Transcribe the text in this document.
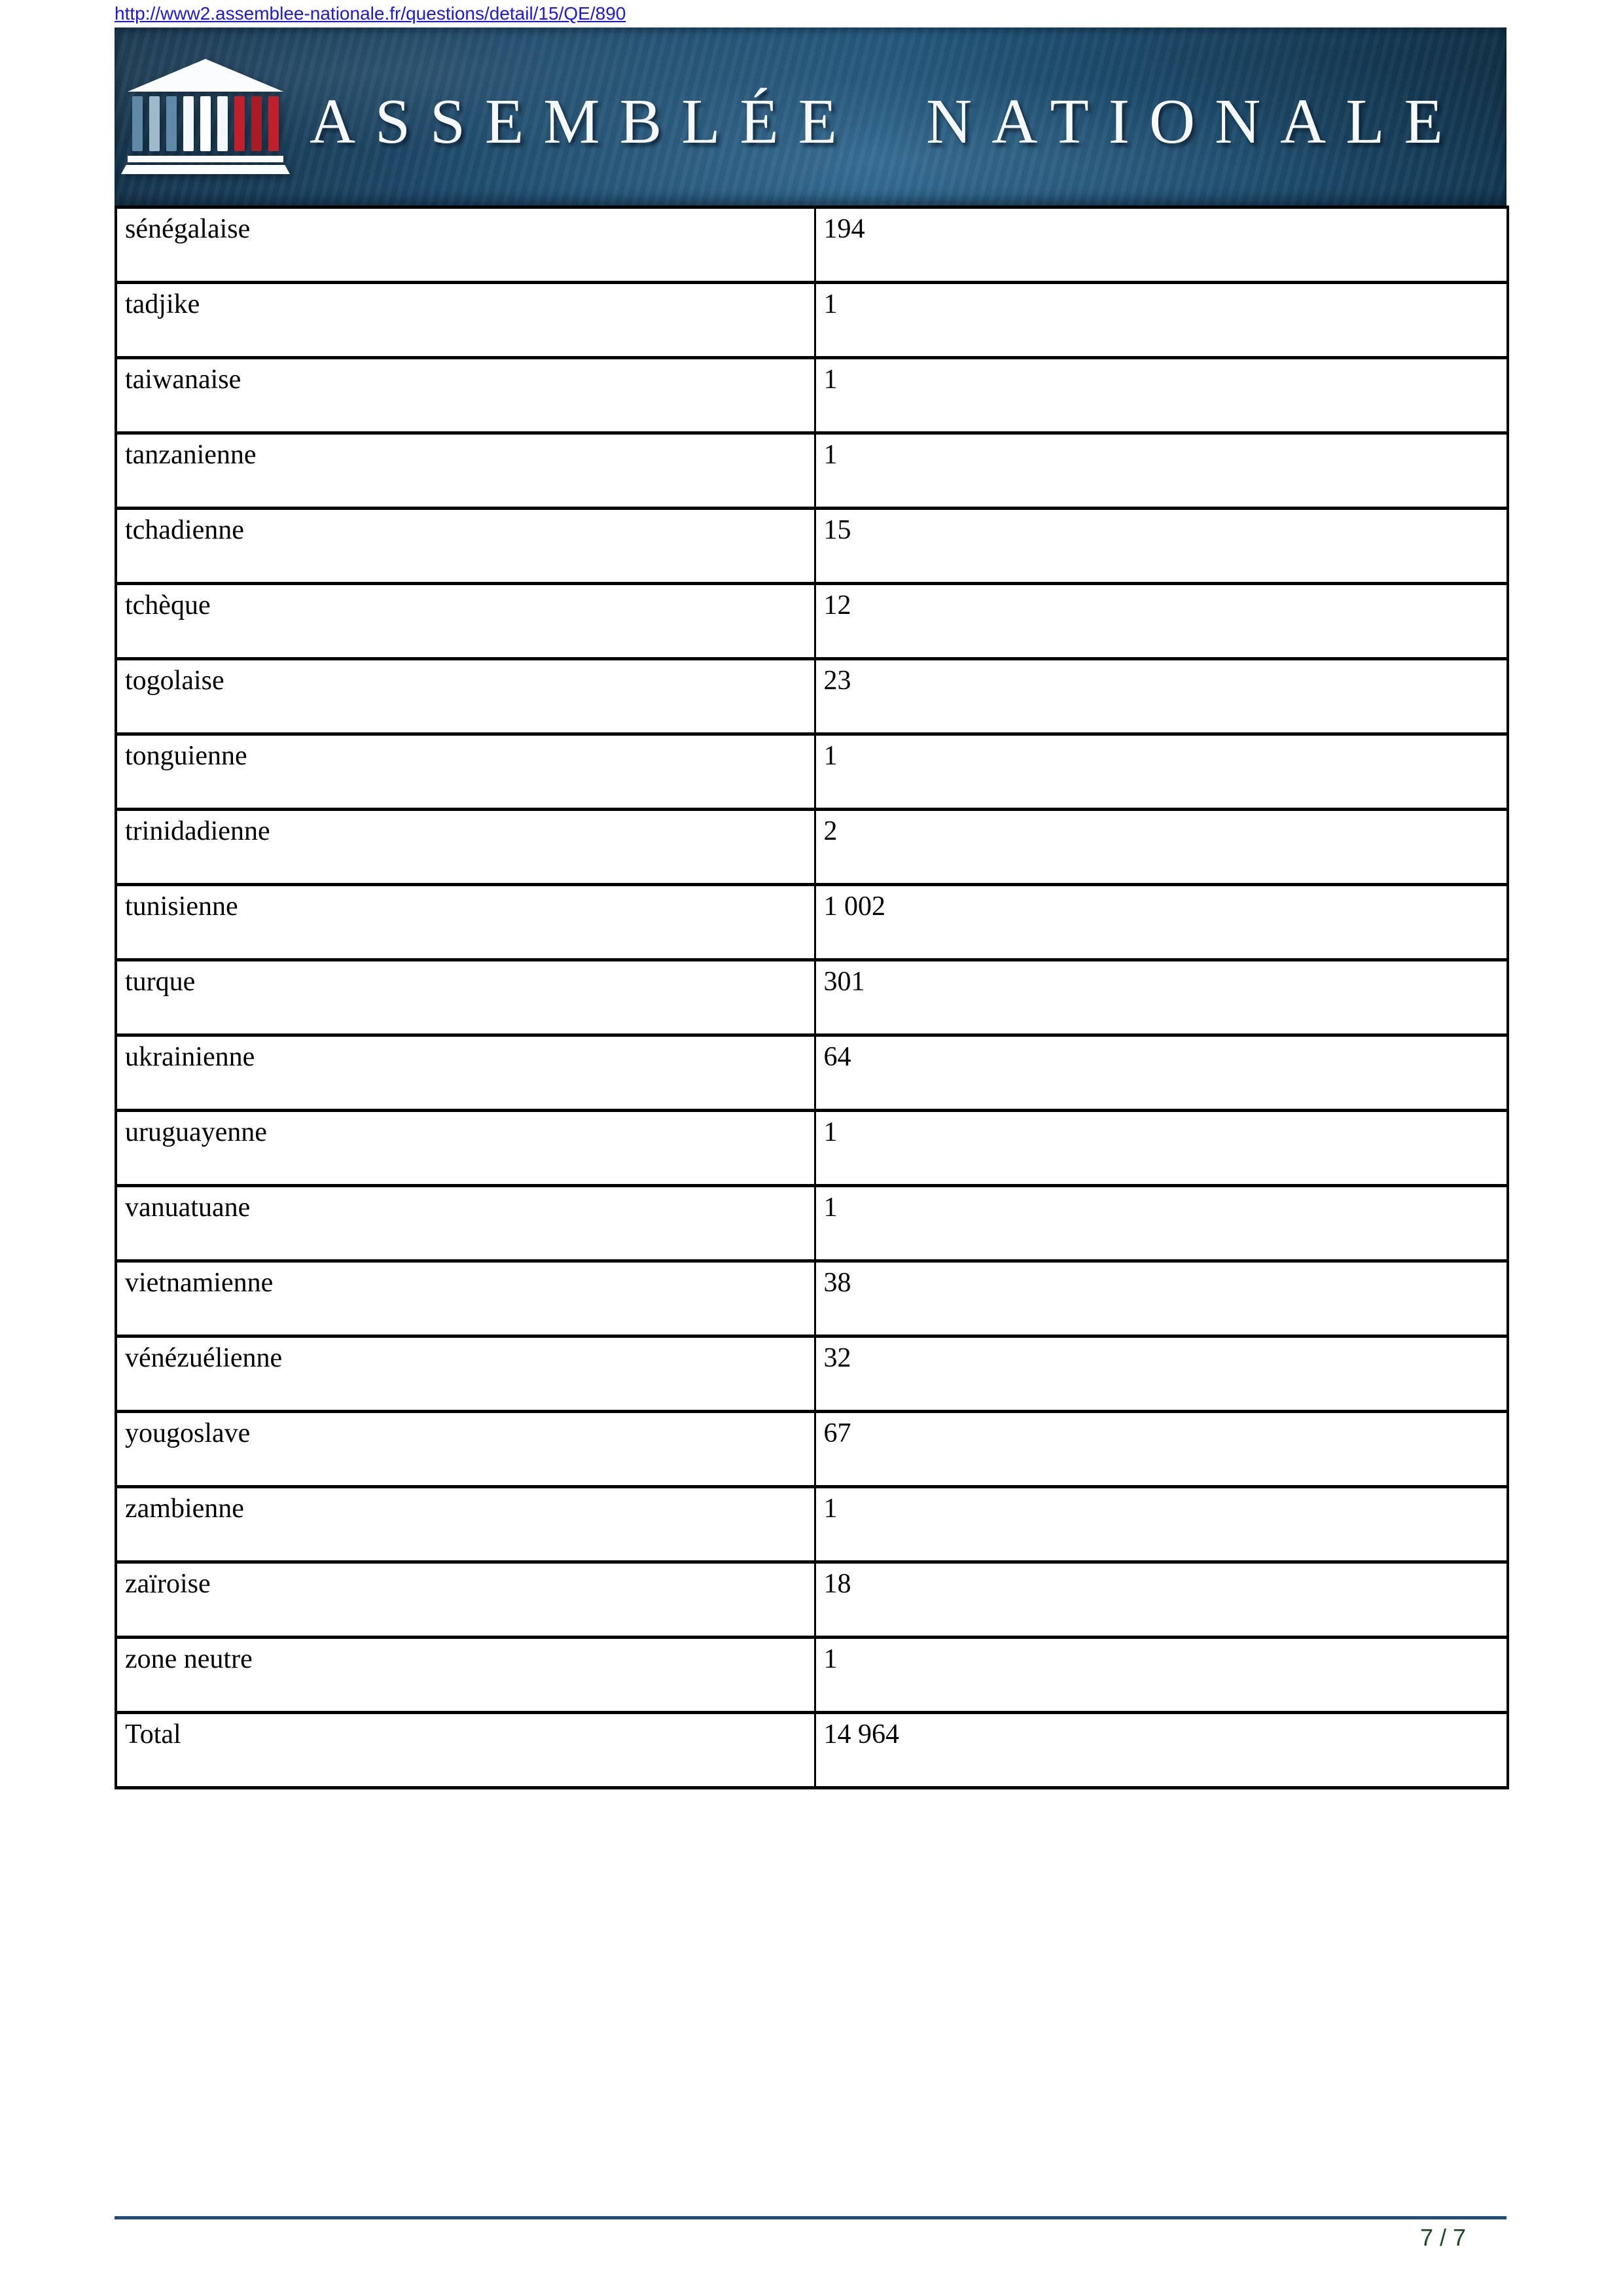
http://www2.assemblee-nationale.fr/questions/detail/15/QE/890
ASSEMBLÉE NATIONALE
sénégalaise	194
tadjike	1
taiwanaise	1
tanzanienne	1
tchadienne	15
tchèque	12
togolaise	23
tonguienne	1
trinidadienne	2
tunisienne	1 002
turque	301
ukrainienne	64
uruguayenne	1
vanuatuane	1
vietnamienne	38
vénézuélienne	32
yougoslave	67
zambienne	1
zaïroise	18
zone neutre	1
Total	14 964
7 / 7
